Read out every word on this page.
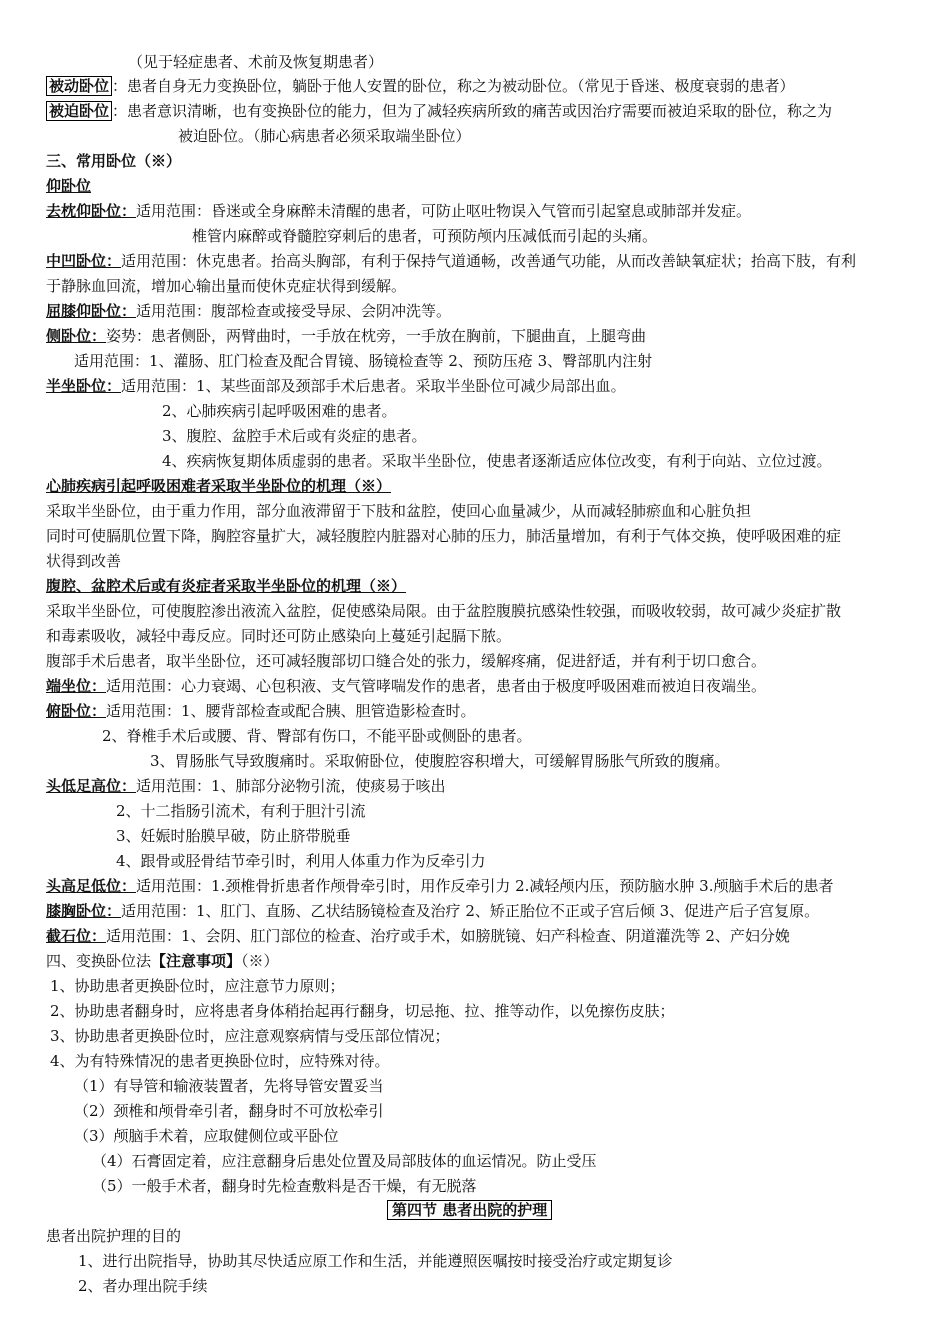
（见于轻症患者、术前及恢复期患者）
被动卧位 ：患者自身无力变换卧位，躺卧于他人安置的卧位，称之为被动卧位。（常见于昏迷、极度衰弱的患者）
被迫卧位 ：患者意识清晰，也有变换卧位的能力，但为了减轻疾病所致的痛苦或因治疗需要而被迫采取的卧位，称之为
被迫卧位。（肺心病患者必须采取端坐卧位）
三、常用卧位（※）
仰卧位
去枕仰卧位：适用范围：昏迷或全身麻醉未清醒的患者，可防止呕吐物误入气管而引起窒息或肺部并发症。
椎管内麻醉或脊髓腔穿刺后的患者，可预防颅内压减低而引起的头痛。
中凹卧位：适用范围：休克患者。抬高头胸部，有利于保持气道通畅，改善通气功能，从而改善缺氧症状；抬高下肢，有利
于静脉血回流，增加心输出量而使休克症状得到缓解。
屈膝仰卧位：适用范围：腹部检查或接受导尿、会阴冲洗等。
侧卧位：姿势：患者侧卧，两臂曲时，一手放在枕旁，一手放在胸前，下腿曲直，上腿弯曲
适用范围：1、灌肠、肛门检查及配合胃镜、肠镜检查等 2、预防压疮 3、臀部肌内注射
半坐卧位：适用范围：1、某些面部及颈部手术后患者。采取半坐卧位可减少局部出血。
2、心肺疾病引起呼吸困难的患者。
3、腹腔、盆腔手术后或有炎症的患者。
4、疾病恢复期体质虚弱的患者。采取半坐卧位，使患者逐渐适应体位改变，有利于向站、立位过渡。
心肺疾病引起呼吸困难者采取半坐卧位的机理（※）
采取半坐卧位，由于重力作用，部分血液滞留于下肢和盆腔，使回心血量减少，从而减轻肺瘀血和心脏负担
同时可使膈肌位置下降，胸腔容量扩大，减轻腹腔内脏器对心肺的压力，肺活量增加，有利于气体交换，使呼吸困难的症
状得到改善
腹腔、盆腔术后或有炎症者采取半坐卧位的机理（※）
采取半坐卧位，可使腹腔渗出液流入盆腔，促使感染局限。由于盆腔腹膜抗感染性较强，而吸收较弱，故可减少炎症扩散
和毒素吸收，减轻中毒反应。同时还可防止感染向上蔓延引起膈下脓。
腹部手术后患者，取半坐卧位，还可减轻腹部切口缝合处的张力，缓解疼痛，促进舒适，并有利于切口愈合。
端坐位：适用范围：心力衰竭、心包积液、支气管哮喘发作的患者，患者由于极度呼吸困难而被迫日夜端坐。
俯卧位：适用范围：1、腰背部检查或配合胰、胆管造影检查时。
2、脊椎手术后或腰、背、臀部有伤口，不能平卧或侧卧的患者。
3、胃肠胀气导致腹痛时。采取俯卧位，使腹腔容积增大，可缓解胃肠胀气所致的腹痛。
头低足高位：适用范围：1、肺部分泌物引流，使痰易于咳出
2、十二指肠引流术，有利于胆汁引流
3、妊娠时胎膜早破，防止脐带脱垂
4、跟骨或胫骨结节牵引时，利用人体重力作为反牵引力
头高足低位：适用范围：1.颈椎骨折患者作颅骨牵引时，用作反牵引力 2.减轻颅内压，预防脑水肿 3.颅脑手术后的患者
膝胸卧位：适用范围：1、肛门、直肠、乙状结肠镜检查及治疗 2、矫正胎位不正或子宫后倾 3、促进产后子宫复原。
截石位：适用范围：1、会阴、肛门部位的检查、治疗或手术，如膀胱镜、妇产科检查、阴道灌洗等 2、产妇分娩
四、变换卧位法【注意事项】（※）
1、协助患者更换卧位时，应注意节力原则；
2、协助患者翻身时，应将患者身体稍抬起再行翻身，切忌拖、拉、推等动作，以免擦伤皮肤；
3、协助患者更换卧位时，应注意观察病情与受压部位情况；
4、为有特殊情况的患者更换卧位时，应特殊对待。
（1）有导管和输液装置者，先将导管安置妥当
（2）颈椎和颅骨牵引者，翻身时不可放松牵引
（3）颅脑手术着，应取健侧位或平卧位
（4）石膏固定着，应注意翻身后患处位置及局部肢体的血运情况。防止受压
（5）一般手术者，翻身时先检查敷料是否干燥，有无脱落
第四节 患者出院的护理
患者出院护理的目的
1、进行出院指导，协助其尽快适应原工作和生活，并能遵照医嘱按时接受治疗或定期复诊
2、者办理出院手续
